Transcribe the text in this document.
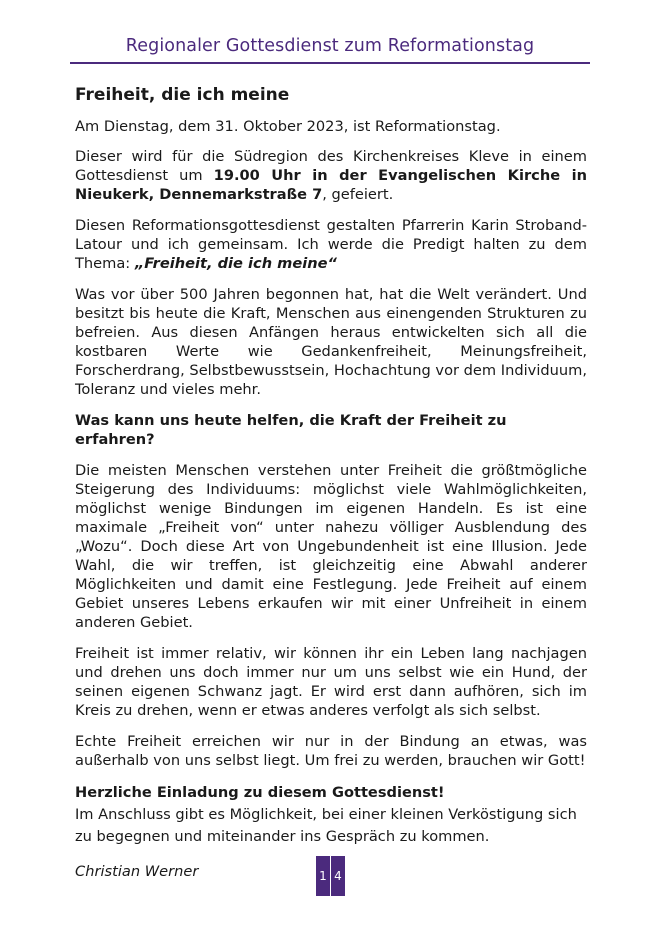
Regionaler Gottesdienst zum Reformationstag
Freiheit, die ich meine

Am Dienstag, dem 31. Oktober 2023, ist Reformationstag.

Dieser wird für die Südregion des Kirchenkreises Kleve in einem Gottesdienst um 19.00 Uhr in der Evangelischen Kirche in Nieukerk, Dennemarkstraße 7, gefeiert.

Diesen Reformationsgottesdienst gestalten Pfarrerin Karin Stroband-Latour und ich gemeinsam. Ich werde die Predigt halten zu dem Thema: „Freiheit, die ich meine“

Was vor über 500 Jahren begonnen hat, hat die Welt verändert. Und besitzt bis heute die Kraft, Menschen aus einengenden Strukturen zu befreien. Aus diesen Anfängen heraus entwickelten sich all die kostbaren Werte wie Gedankenfreiheit, Meinungsfreiheit, Forscherdrang, Selbstbewusstsein, Hochachtung vor dem Individuum, Toleranz und vieles mehr.

Was kann uns heute helfen, die Kraft der Freiheit zu erfahren?

Die meisten Menschen verstehen unter Freiheit die größtmögliche Steigerung des Individuums: möglichst viele Wahlmöglichkeiten, möglichst wenige Bindungen im eigenen Handeln. Es ist eine maximale „Freiheit von“ unter nahezu völliger Ausblendung des „Wozu“. Doch diese Art von Ungebundenheit ist eine Illusion. Jede Wahl, die wir treffen, ist gleichzeitig eine Abwahl anderer Möglichkeiten und damit eine Festlegung. Jede Freiheit auf einem Gebiet unseres Lebens erkaufen wir mit einer Unfreiheit in einem anderen Gebiet.

Freiheit ist immer relativ, wir können ihr ein Leben lang nachjagen und drehen uns doch immer nur um uns selbst wie ein Hund, der seinen eigenen Schwanz jagt. Er wird erst dann aufhören, sich im Kreis zu drehen, wenn er etwas anderes verfolgt als sich selbst.

Echte Freiheit erreichen wir nur in der Bindung an etwas, was außerhalb von uns selbst liegt. Um frei zu werden, brauchen wir Gott!

Herzliche Einladung zu diesem Gottesdienst!
Im Anschluss gibt es Möglichkeit, bei einer kleinen Verköstigung sich zu begegnen und miteinander ins Gespräch zu kommen.
Christian Werner	1 4
